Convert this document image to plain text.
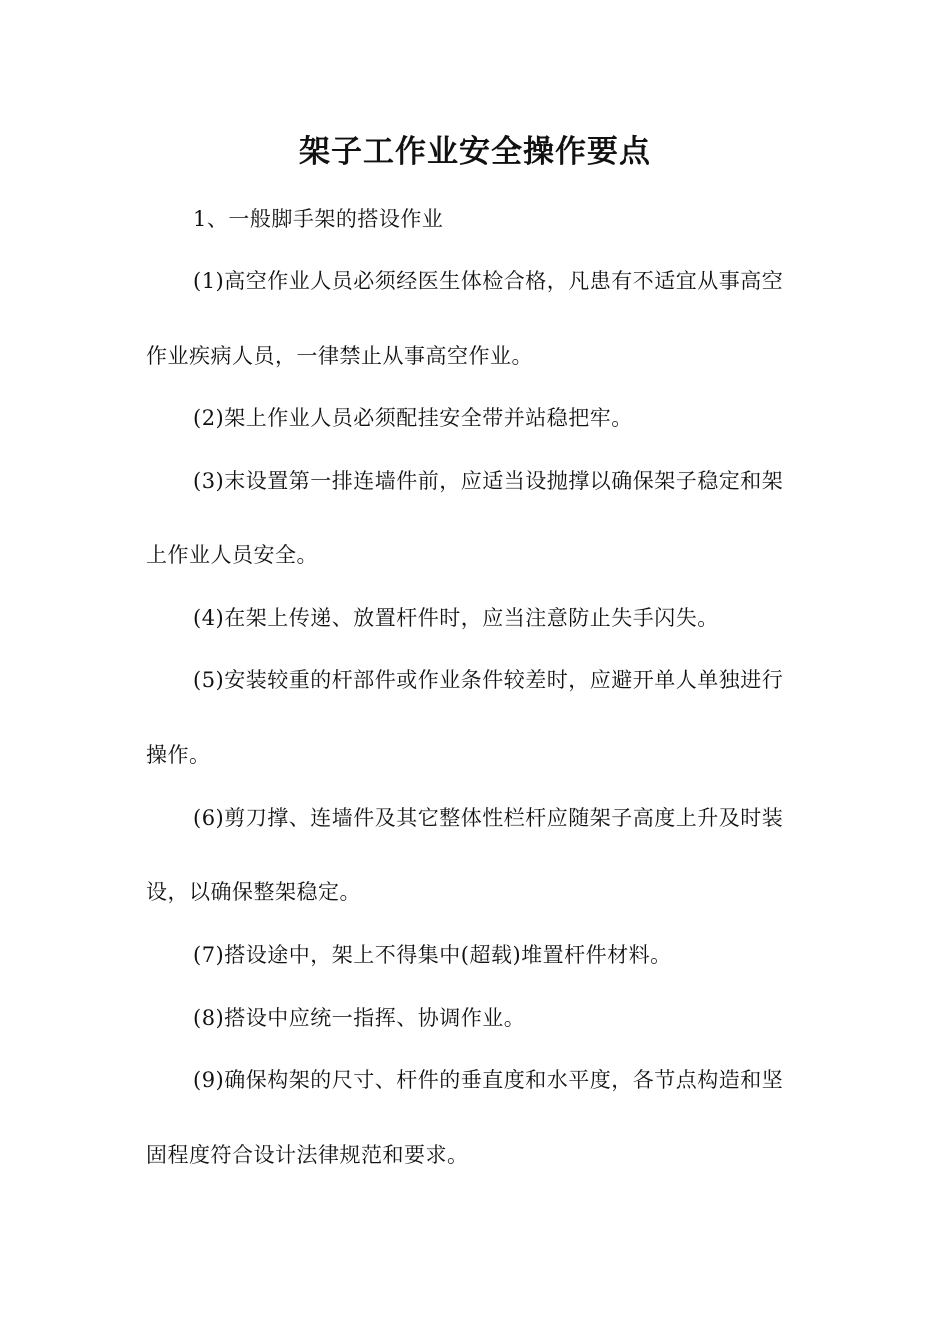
架子工作业安全操作要点
1、一般脚手架的搭设作业
(1)高空作业人员必须经医生体检合格，凡患有不适宜从事高空
作业疾病人员，一律禁止从事高空作业。
(2)架上作业人员必须配挂安全带并站稳把牢。
(3)末设置第一排连墙件前，应适当设抛撑以确保架子稳定和架
上作业人员安全。
(4)在架上传递、放置杆件时，应当注意防止失手闪失。
(5)安装较重的杆部件或作业条件较差时，应避开单人单独进行
操作。
(6)剪刀撑、连墙件及其它整体性栏杆应随架子高度上升及时装
设，以确保整架稳定。
(7)搭设途中，架上不得集中(超载)堆置杆件材料。
(8)搭设中应统一指挥、协调作业。
(9)确保构架的尺寸、杆件的垂直度和水平度，各节点构造和坚
固程度符合设计法律规范和要求。
